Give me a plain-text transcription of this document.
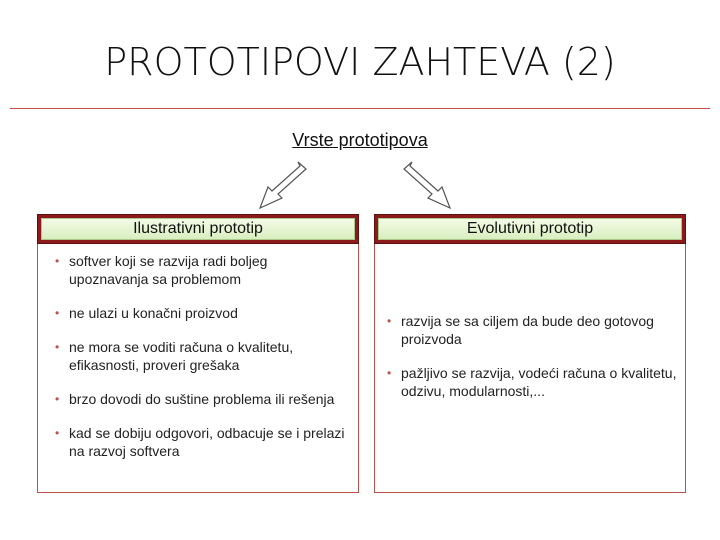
PROTOTIPOVI ZAHTEVA (2)
Vrste prototipova
Ilustrativni prototip
• softver koji se razvija radi boljeg upoznavanja sa problemom
• ne ulazi u konačni proizvod
• ne mora se voditi računa o kvalitetu, efikasnosti, proveri grešaka
• brzo dovodi do suštine problema ili rešenja
• kad se dobiju odgovori, odbacuje se i prelazi na razvoj softvera
Evolutivni prototip
• razvija se sa ciljem da bude deo gotovog proizvoda
• pažljivo se razvija, vodeći računa o kvalitetu, odzivu, modularnosti,...
